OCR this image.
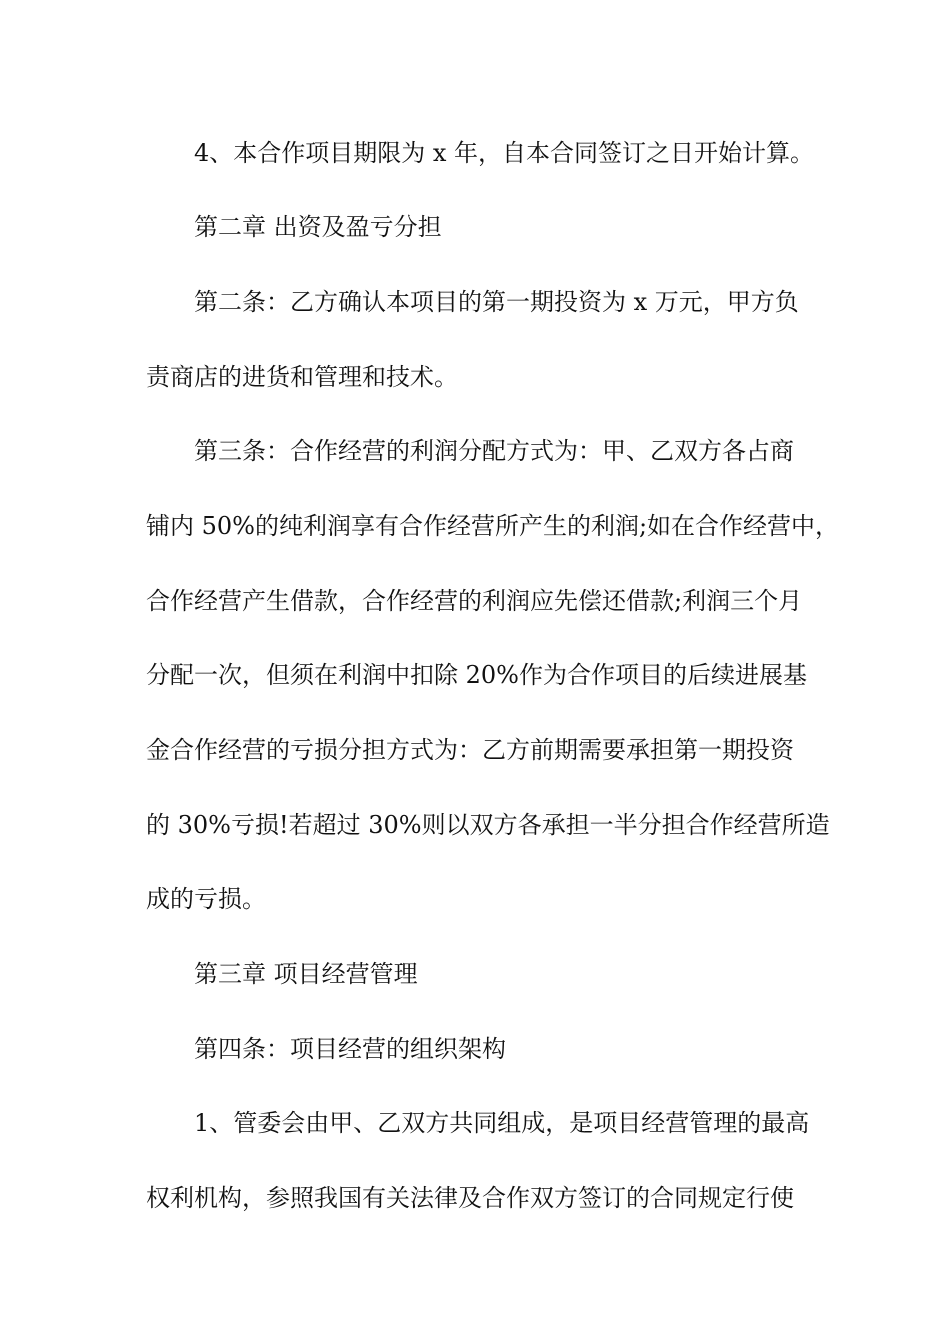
4、本合作项目期限为 x 年，自本合同签订之日开始计算。
第二章 出资及盈亏分担
第二条：乙方确认本项目的第一期投资为 x 万元，甲方负
责商店的进货和管理和技术。
第三条：合作经营的利润分配方式为：甲、乙双方各占商
铺内 50%的纯利润享有合作经营所产生的利润;如在合作经营中，
合作经营产生借款，合作经营的利润应先偿还借款;利润三个月
分配一次，但须在利润中扣除 20%作为合作项目的后续进展基
金合作经营的亏损分担方式为：乙方前期需要承担第一期投资
的 30%亏损!若超过 30%则以双方各承担一半分担合作经营所造
成的亏损。
第三章 项目经营管理
第四条：项目经营的组织架构
1、管委会由甲、乙双方共同组成，是项目经营管理的最高
权利机构，参照我国有关法律及合作双方签订的合同规定行使
